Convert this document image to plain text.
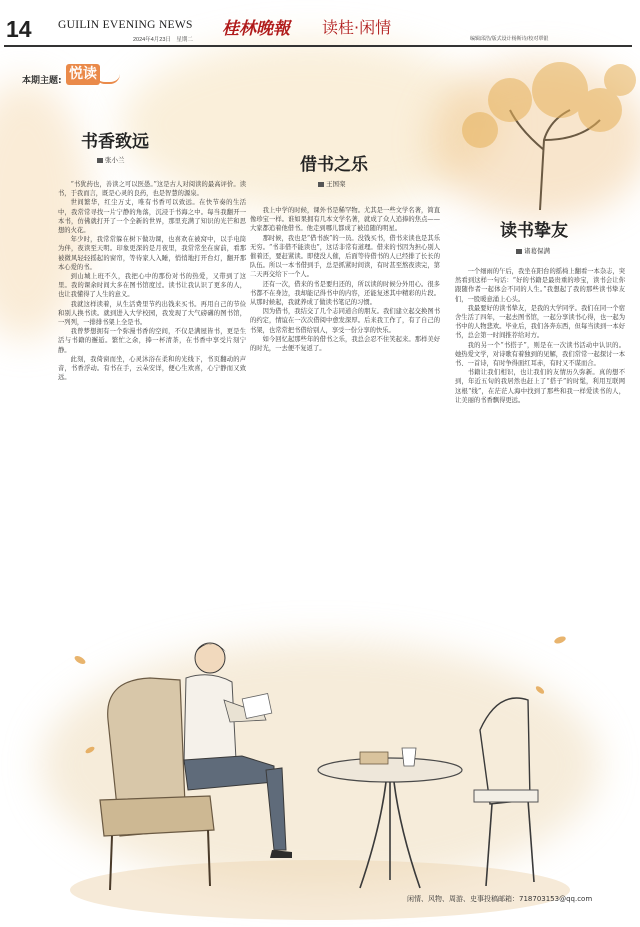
14 GUILIN EVENING NEWS
2024年4月23日　星期二
桂林晚報 读桂·闲情
编辑邱浩/版式设计杨斯诗/校对覃银
本期主题: 悦读
书香致远
张小兰

“书犹药也，善读之可以医愚。”这是古人对阅读的最高评价。读书，于我而言，既是心灵的良药，也是智慧的源泉。

世间繁华，红尘万丈，唯有书香可以致远。在快节奏的生活中，我常常寻找一片宁静的角落，沉浸于书海之中。每当我翻开一本书，仿佛就打开了一个全新的世界，那里充满了知识的光芒和思想的火花。

年少时，我常常躲在树下做功课，也喜欢在被窝中，以手电筒为伴，夜读至天明。印象更深的是月夜里，我常常坐在窗前，看那被微风轻轻摇起的窗帘，等待家人入睡，悄悄地打开台灯，翻开那本心爱的书。

到山城上班不久，我把心中的那份对书的热爱，又带到了这里。我的课余时间大多在图书馆度过。读书让我认识了更多的人，也让我懂得了人生的意义。

我就这样读着，从生活费里节约出钱来买书。再用自己的节俭和别人换书读。就到进入大学校园，我发现了大气磅礴的图书馆，一列列，一排排书架上全是书。

我曾梦想拥有一个弥漫书香的空间，不仅是满屋皆书，更是生活与书籍的邂逅。繁忙之余，捧一杯清茶，在书香中享受片刻宁静。

此刻，我倚窗而坐，心灵沐浴在柔和的光线下，书页翻动的声音，书香浮动。有书在手，云朵安详，便心生欢喜，心宁静而又致远。

借书之乐
王国栾

我上中学的时候，课外书是稀罕物。尤其是一些文学名著，简直像珍宝一样。谁如果拥有几本文学名著，就成了众人追捧的焦点——大家都追着他借书。他走到哪儿都成了被追随的明星。

那时候，我也是“借书族”的一员。没钱买书，借书来读也是其乐无穷。“书非借不能读也”，这话非常有道理。借来的书因为担心别人催着还，要赶紧读。即使没人催，后面等待借书的人已经排了长长的队伍。所以一本书借到手，总是抓紧时间读，有时甚至熬夜读完，第二天再交给下一个人。

还有一次，借来的书是要归还的，所以读的时候分外用心。很多书都不在身边，我却能记得书中的内容，还能复述其中精彩的片段。从那时候起，我就养成了做读书笔记的习惯。

因为借书，我结交了几个志同道合的朋友。我们建立起交换图书的约定，情谊在一次次借阅中愈发深厚。后来我工作了，有了自己的书架，也常常把书借给别人，享受一份分享的快乐。

如今回忆起那些年的借书之乐，我总会忍不住笑起来。那样美好的时光，一去便不复返了。

读书挚友
诸葛保满

一个细雨的午后，我坐在阳台的摇椅上翻看一本杂志，突然看到这样一句话：“好的书籍是最贵重的珍宝，读书会让你跟随作者一起体会不同的人生。”我想起了我的那些读书挚友们，一股暖意涌上心头。

我最要好的读书挚友，是我的大学同学。我们在同一个宿舍生活了四年，一起去图书馆，一起分享读书心得，也一起为书中的人物悲欢。毕业后，我们各奔东西，但每当读到一本好书，总会第一时间推荐给对方。

我的另一个“书搭子”，则是在一次读书活动中认识的。她热爱文学，对诗歌有着独到的见解，我们常常一起探讨一本书、一首诗，有时争得面红耳赤，有时又不谋而合。

书籍让我们相识，也让我们的友情历久弥新。真的想不到，年近五旬的我居然也赶上了“搭子”的时髦，利用互联网这根“线”，在茫茫人海中找到了那些和我一样爱读书的人，让美丽的书香飘得更远。

闲情、风物、周游、史事投稿邮箱：718703153@qq.com
